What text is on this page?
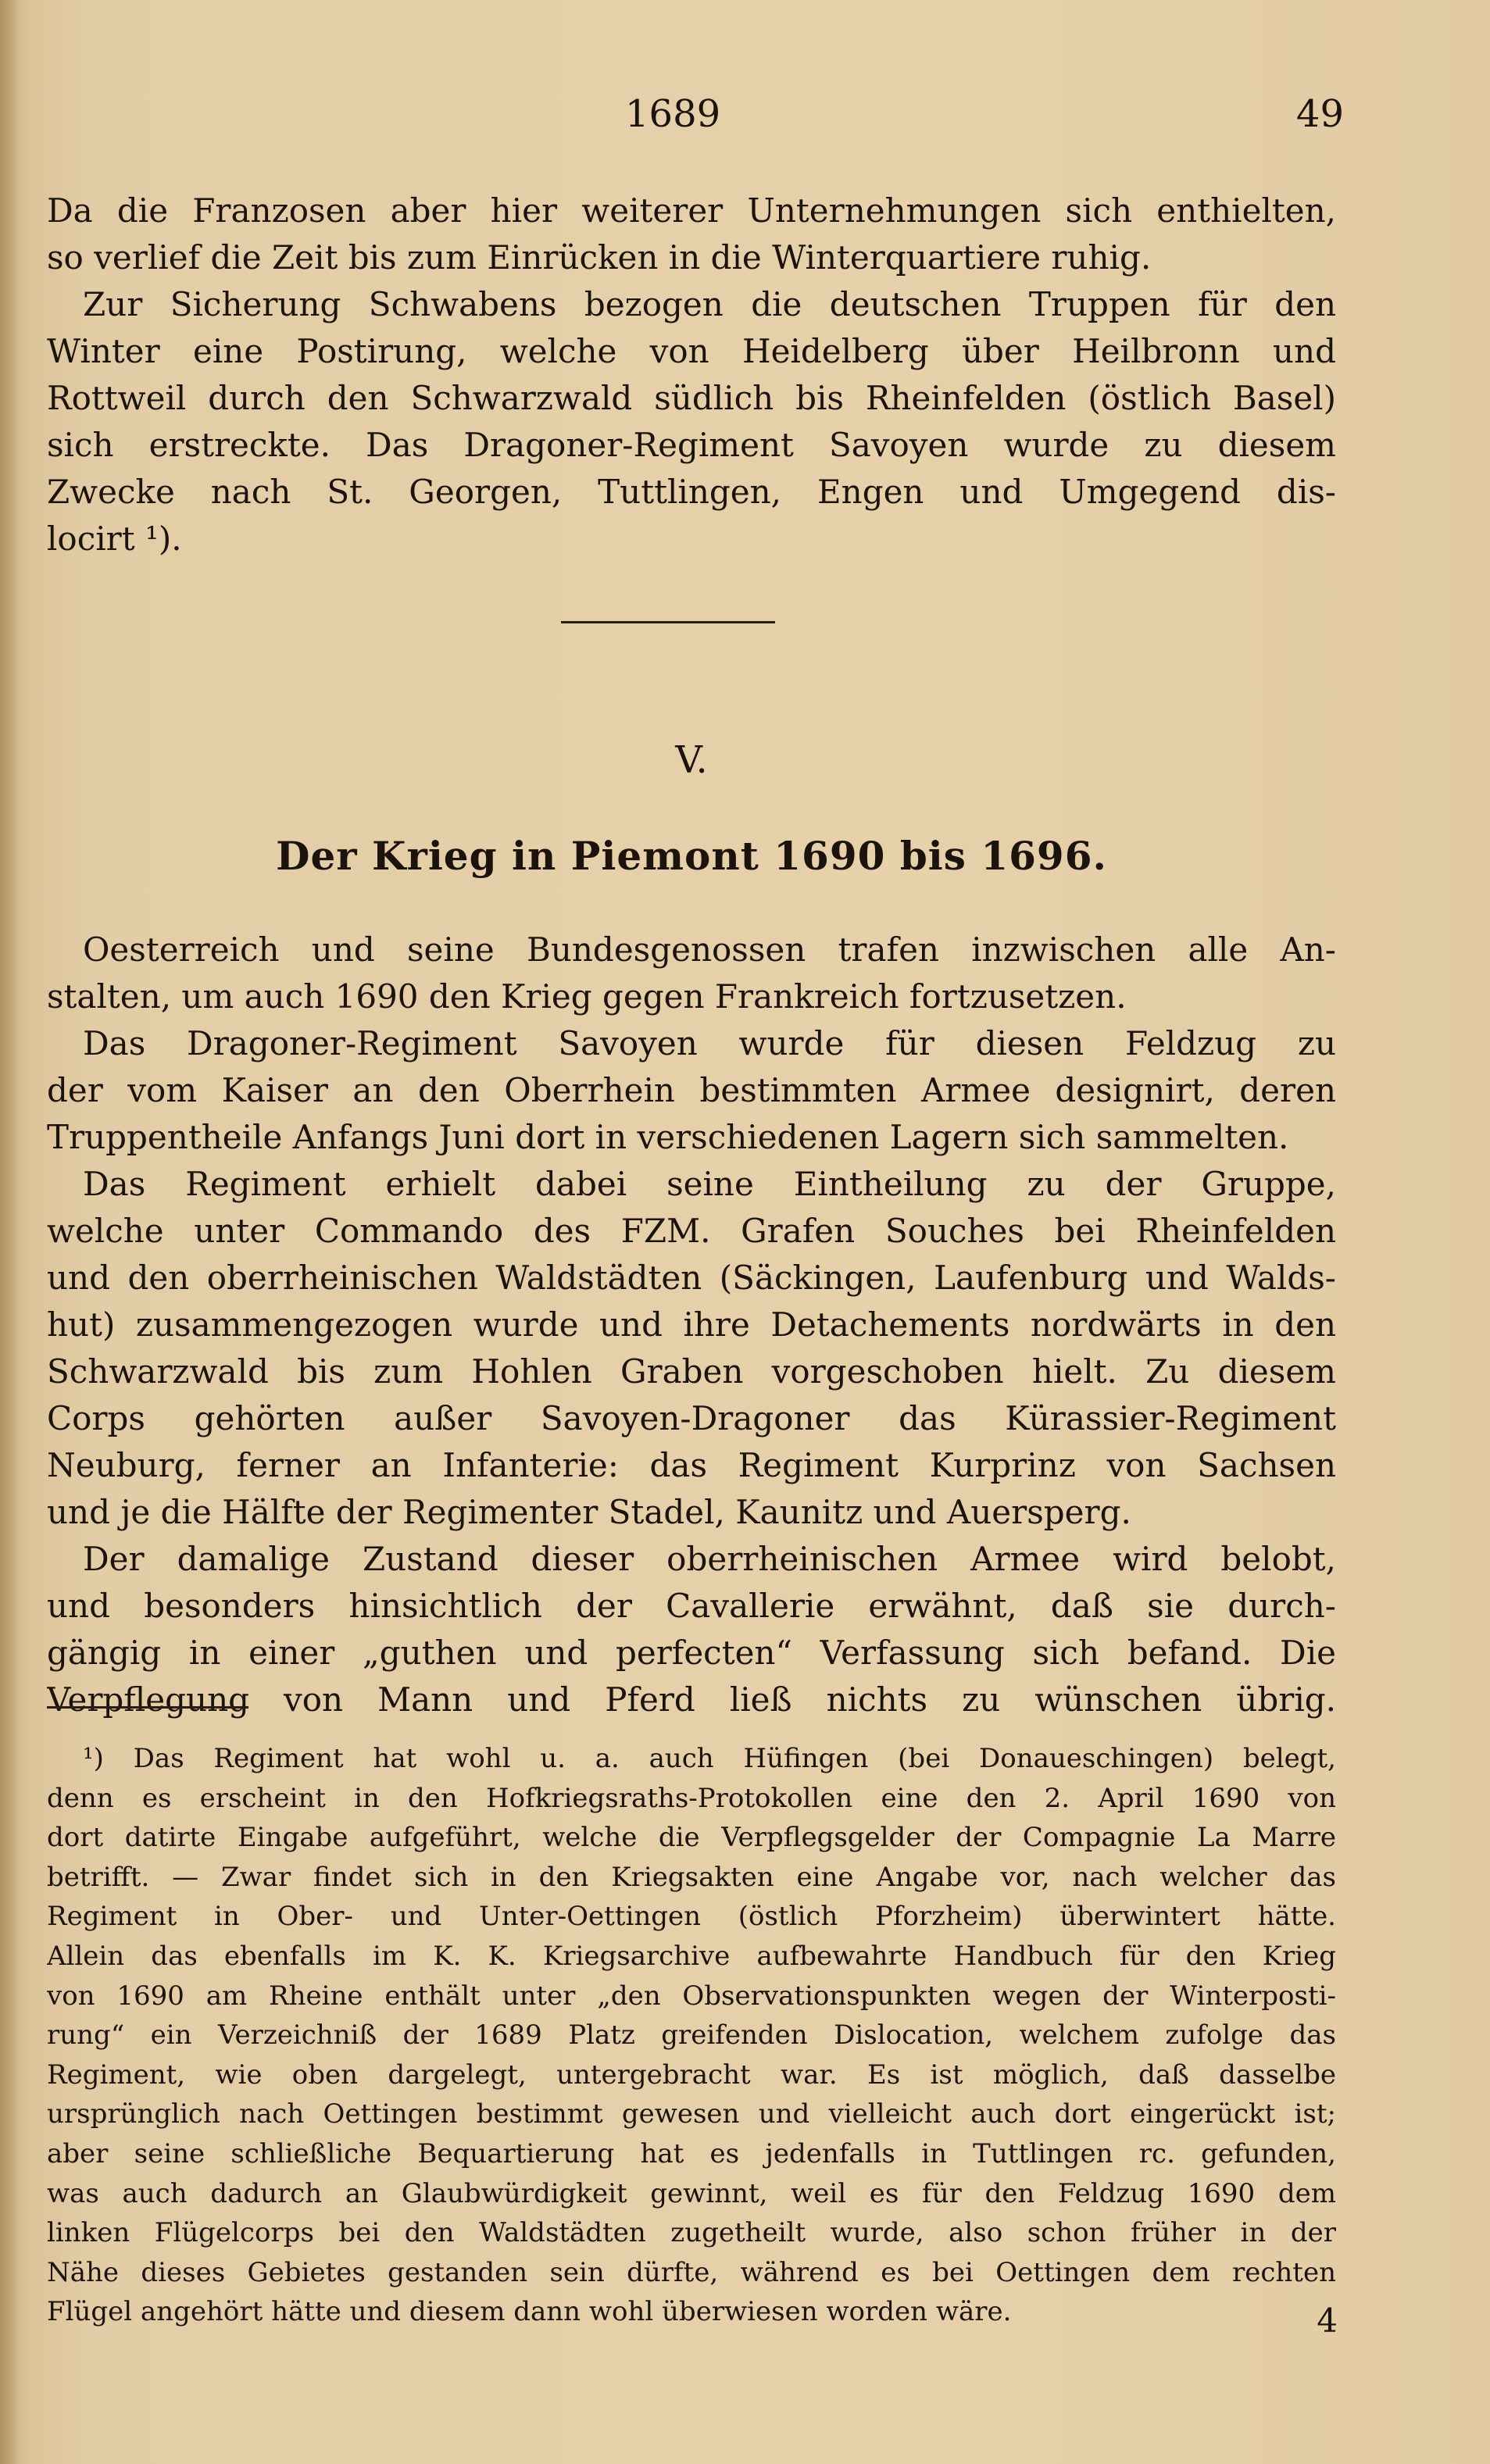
1689	49
Da die Franzosen aber hier weiterer Unternehmungen sich enthielten,
so verlief die Zeit bis zum Einrücken in die Winterquartiere ruhig.
Zur Sicherung Schwabens bezogen die deutschen Truppen für den
Winter eine Postirung, welche von Heidelberg über Heilbronn und
Rottweil durch den Schwarzwald südlich bis Rheinfelden (östlich Basel)
sich erstreckte. Das Dragoner-Regiment Savoyen wurde zu diesem
Zwecke nach St. Georgen, Tuttlingen, Engen und Umgegend dis-
locirt ¹).
V.
Der Krieg in Piemont 1690 bis 1696.
Oesterreich und seine Bundesgenossen trafen inzwischen alle An-
stalten, um auch 1690 den Krieg gegen Frankreich fortzusetzen.
Das Dragoner-Regiment Savoyen wurde für diesen Feldzug zu
der vom Kaiser an den Oberrhein bestimmten Armee designirt, deren
Truppentheile Anfangs Juni dort in verschiedenen Lagern sich sammelten.
Das Regiment erhielt dabei seine Eintheilung zu der Gruppe,
welche unter Commando des FZM. Grafen Souches bei Rheinfelden
und den oberrheinischen Waldstädten (Säckingen, Laufenburg und Walds-
hut) zusammengezogen wurde und ihre Detachements nordwärts in den
Schwarzwald bis zum Hohlen Graben vorgeschoben hielt. Zu diesem
Corps gehörten außer Savoyen-Dragoner das Kürassier-Regiment
Neuburg, ferner an Infanterie: das Regiment Kurprinz von Sachsen
und je die Hälfte der Regimenter Stadel, Kaunitz und Auersperg.
Der damalige Zustand dieser oberrheinischen Armee wird belobt,
und besonders hinsichtlich der Cavallerie erwähnt, daß sie durch-
gängig in einer „guthen und perfecten“ Verfassung sich befand. Die
Verpflegung von Mann und Pferd ließ nichts zu wünschen übrig.
¹) Das Regiment hat wohl u. a. auch Hüfingen (bei Donaueschingen) belegt,
denn es erscheint in den Hofkriegsraths-Protokollen eine den 2. April 1690 von
dort datirte Eingabe aufgeführt, welche die Verpflegsgelder der Compagnie La Marre
betrifft. — Zwar findet sich in den Kriegsakten eine Angabe vor, nach welcher das
Regiment in Ober- und Unter-Oettingen (östlich Pforzheim) überwintert hätte.
Allein das ebenfalls im K. K. Kriegsarchive aufbewahrte Handbuch für den Krieg
von 1690 am Rheine enthält unter „den Observationspunkten wegen der Winterposti-
rung“ ein Verzeichniß der 1689 Platz greifenden Dislocation, welchem zufolge das
Regiment, wie oben dargelegt, untergebracht war. Es ist möglich, daß dasselbe
ursprünglich nach Oettingen bestimmt gewesen und vielleicht auch dort eingerückt ist;
aber seine schließliche Bequartierung hat es jedenfalls in Tuttlingen rc. gefunden,
was auch dadurch an Glaubwürdigkeit gewinnt, weil es für den Feldzug 1690 dem
linken Flügelcorps bei den Waldstädten zugetheilt wurde, also schon früher in der
Nähe dieses Gebietes gestanden sein dürfte, während es bei Oettingen dem rechten
Flügel angehört hätte und diesem dann wohl überwiesen worden wäre.	4
